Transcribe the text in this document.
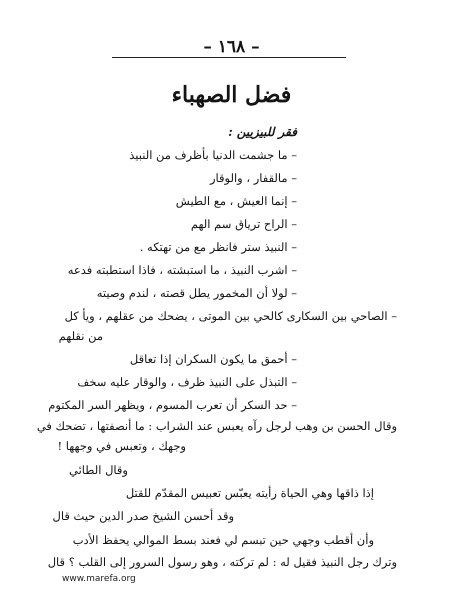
– ١٦٨ –
فضل الصهباء
فقر للبيزيين :
– ما جشمت الدنيا بأظرف من النبيذ
– مالقفار ، والوقار
– إنما العيش ، مع الطيش
– الراح ترياق سم الهم
– النبيذ ستر فانظر مع من تهتكه .
– اشرب النبيذ ، ما استبشته ، فاذا استطبته فدعه
– لولا أن المخمور يطل قصته ، لندم وصيته
– الصاحي بين السكارى كالحي بين الموتى ، يضحك من عقلهم ، ويأ كل
من نقلهم
– أحمق ما يكون السكران إذا تعاقل
– التبذل على النبيذ ظرف ، والوقار عليه سخف
– حد السكر أن تعرب المسوم ، ويظهر السر المكتوم
وقال الحسن بن وهب لرجل رآه يعبس عند الشراب : ما أنصفتها ، تضحك في
وجهك ، وتعبس في وجهها !
وقال الطائي
إذا ذاقها وهي الحياة رأيته يعبّس تعبيس المقدّم للقتل
وقد أحسن الشيخ صدر الدين حيث قال
وأن أقطب وجهي حين تبسم لي فعند بسط الموالي يحفظ الأدب
وترك رجل النبيذ فقيل له : لم تركته ، وهو رسول السرور إلى القلب ؟ قال
www.marefa.org
